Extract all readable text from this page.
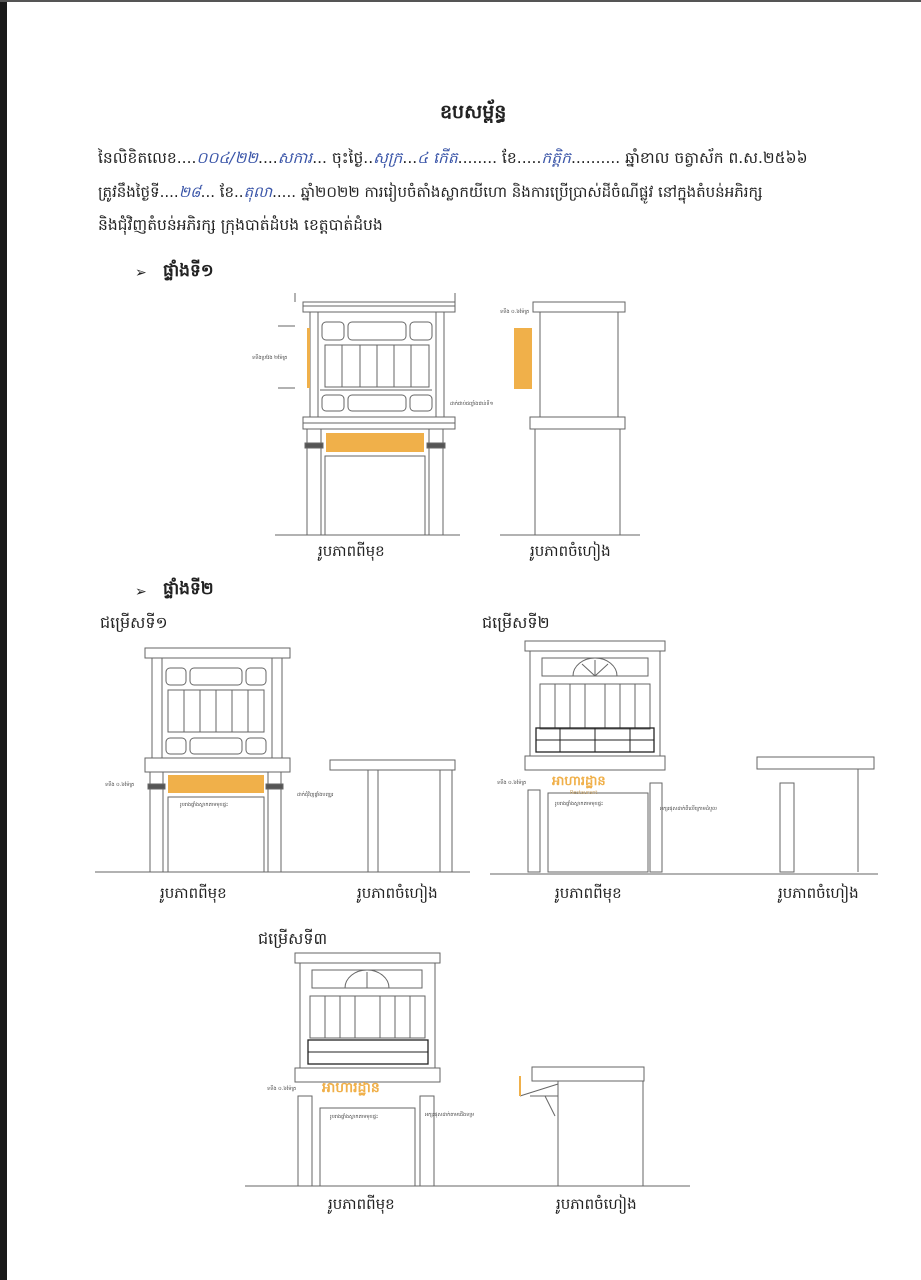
ឧបសម្ព័ន្ធ
នៃលិខិតលេខ....០០៤/២២....សការ... ចុះថ្ងៃ..សុក្រ...៤ កើត........ ខែ.....កត្តិក.......... ឆ្នាំខាល ចត្វាស័ក ព.ស.២៥៦៦
ត្រូវនឹងថ្ងៃទី....២៨... ខែ..តុលា..... ឆ្នាំ២០២២ ការរៀបចំតាំងស្លាកយីហោ និងការប្រើប្រាស់ដីចំណីផ្លូវ នៅក្នុងតំបន់អភិរក្ស
និងជុំវិញតំបន់អភិរក្ស ក្រុងបាត់ដំបង ខេត្តបាត់ដំបង
➢ ផ្ទាំងទី១
➢ ផ្ទាំងទី២
ជម្រើសទី១	ជម្រើសទី២
ជម្រើសទី៣
រូបភាពពីមុខ	រូបភាពចំហៀង
រូបភាពពីមុខ	រូបភាពចំហៀង	រូបភាពពីមុខ	រូបភាពចំហៀង
រូបភាពពីមុខ	រូបភាពចំហៀង
ទទឹងប្រវែង ២ម៉ែត្រ
ទទឹង ០.៦ម៉ែត្រ
ដាក់ជាប់ជញ្ជាំងជាន់ទី១
ទទឹង ០.៦ម៉ែត្រ
រូបរាងផ្ទាំងស្លាកតាមមុខផ្ទះ
ដាក់ជុំវិញផ្ទាំងបញ្ឈរ
អាហារដ្ឋាន
Restaurant
ទទឹង ០.៦ម៉ែត្រ
រូបរាងផ្ទាំងស្លាកតាមមុខផ្ទះ
អក្សរផុសដាក់ពីលើក្រោមដំបូល
អាហារដ្ឋាន
ទទឹង ០.៦ម៉ែត្រ
រូបរាងផ្ទាំងស្លាកតាមមុខផ្ទះ	អក្សរផុសដាក់តាមជើងទម្រ
